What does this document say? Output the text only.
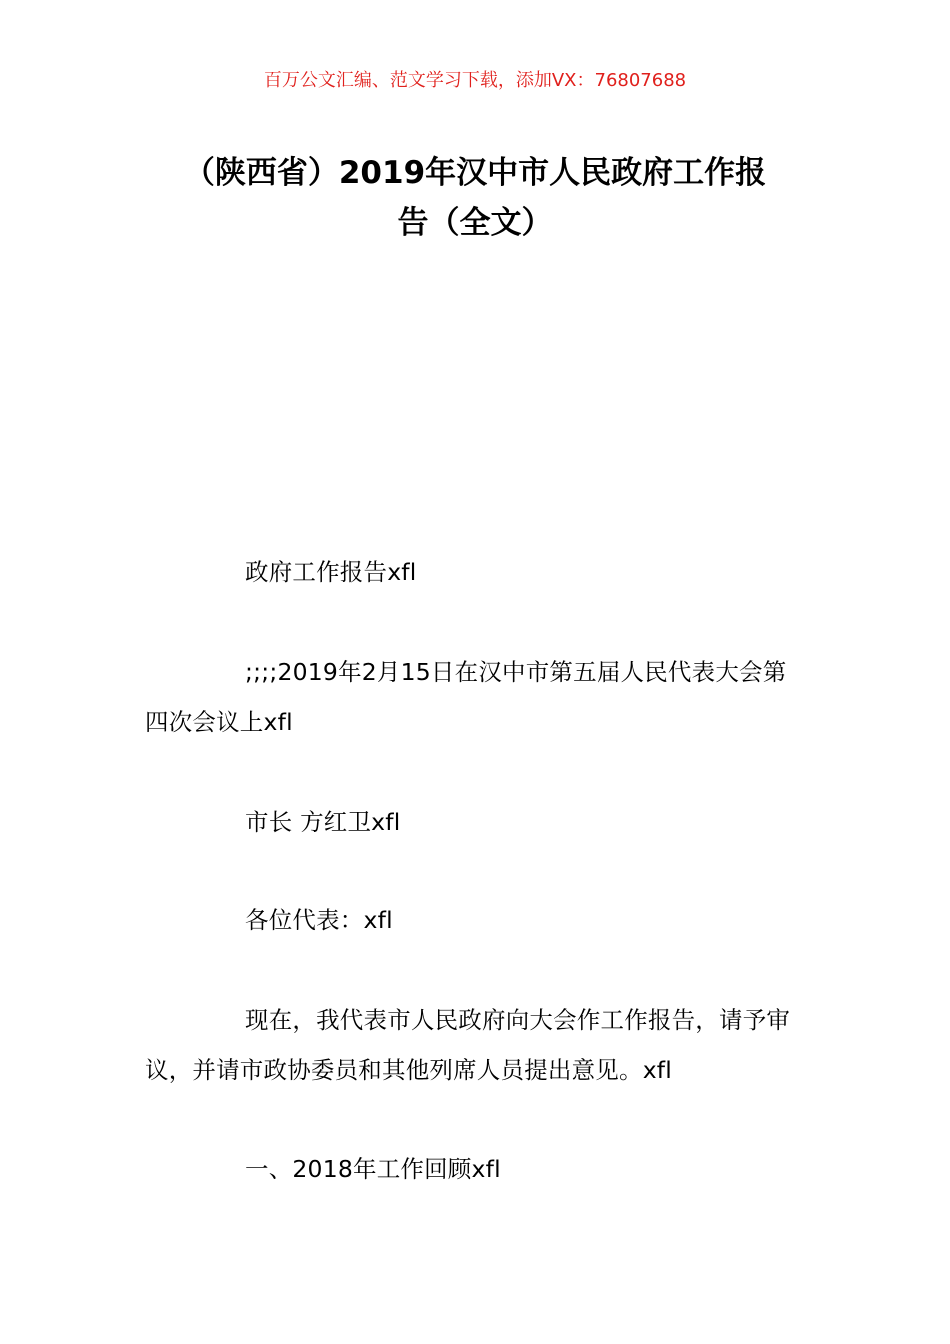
百万公文汇编、范文学习下载，添加VX：76807688
（陕西省）2019年汉中市人民政府工作报
告（全文）

政府工作报告xfl

;;;;2019年2月15日在汉中市第五届人民代表大会第四次会议上xfl

市长 方红卫xfl

各位代表：xfl

现在，我代表市人民政府向大会作工作报告，请予审议，并请市政协委员和其他列席人员提出意见。xfl

一、2018年工作回顾xfl
